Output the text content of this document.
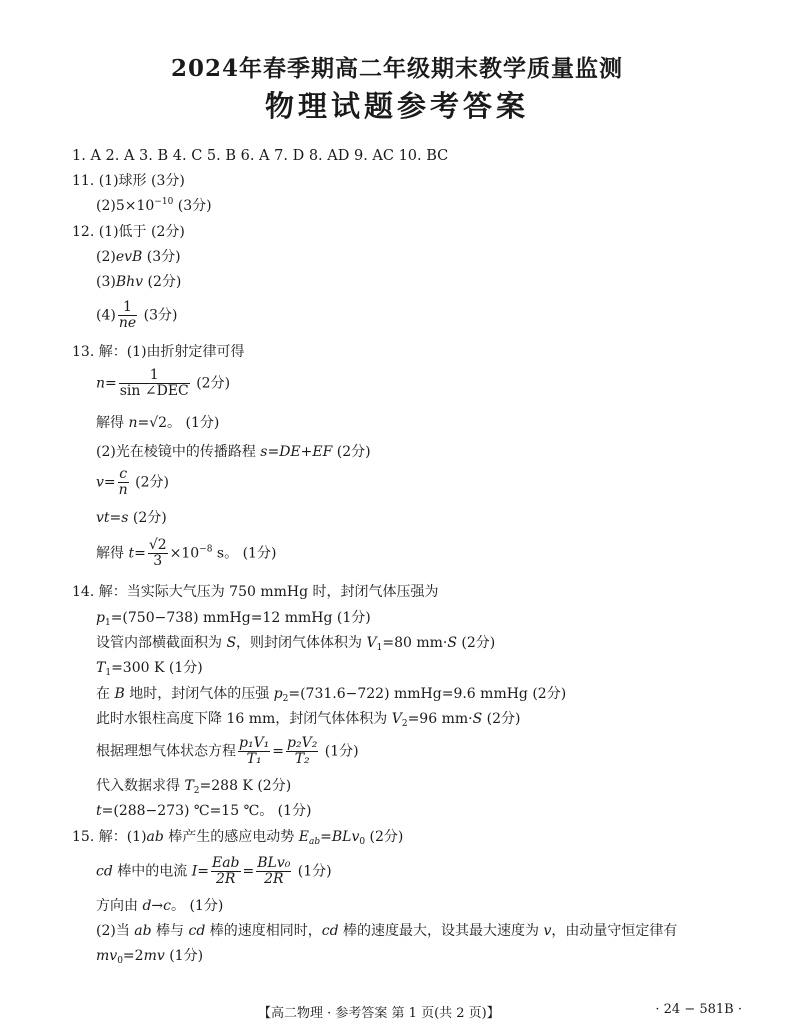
2024年春季期高二年级期末教学质量监测
物理试题参考答案
1. A 2. A 3. B 4. C 5. B 6. A 7. D 8. AD 9. AC 10. BC
11. (1)球形 (3分)
$(2)5\times 10^{-10}$ (3分)
12. (1)低于 (2分)
(2)evB (3分)
(3)Bhv (2分)
$(4) \frac{1}{ne} (3$分)
13. 解：(1)由折射定律可得
$n= \frac{1}{\text{sin ∠DEC}} (2$分)
解得 n=√2。 (1分)
(2)光在棱镜中的传播路程 s=DE+EF (2分)
$v= \frac{c}{n} (2$分)
vt=s (2分)
解得 $t= \frac{√2}{3} \times 10^{-8}$ s。 (1分)
14. 解：当实际大气压为 750 mmHg 时，封闭气体压强为
$p_1=(750-738)$ mmHg=12 mmHg (1分)
设管内部横截面积为 S，则封闭气体体积为 $V_1=80$ mm·S (2分)
$T_1=300$ K (1分)
在 B 地时，封闭气体的压强 $p_2=(731.6-722)$ mmHg=9.6 mmHg (2分)
此时水银柱高度下降 16 mm，封闭气体体积为 $V_2=96$ mm·S (2分)
根据理想气体状态方程 $\frac{\text{p₁V₁}}{\text{T₁}} = \frac{\text{p₂V₂}}{\text{T₂}} (1$分)
代入数据求得 $T_2=288$ K (2分)
t=(288−273) ℃=15 ℃。 (1分)
15. 解：(1)ab 棒产生的感应电动势 $E_{ab}=BLv_0$ (2分)
cd 棒中的电流 $I= \frac{\text{Eab}}{2R} = \frac{\text{BLv₀}}{2R} (1$分)
方向由 d→c。 (1分)
(2)当 ab 棒与 cd 棒的速度相同时，cd 棒的速度最大，设其最大速度为 v，由动量守恒定律有
$mv_0=2mv$ (1分)
【高二物理 · 参考答案 第 1 页(共 2 页)】	· 24 − 581B ·
